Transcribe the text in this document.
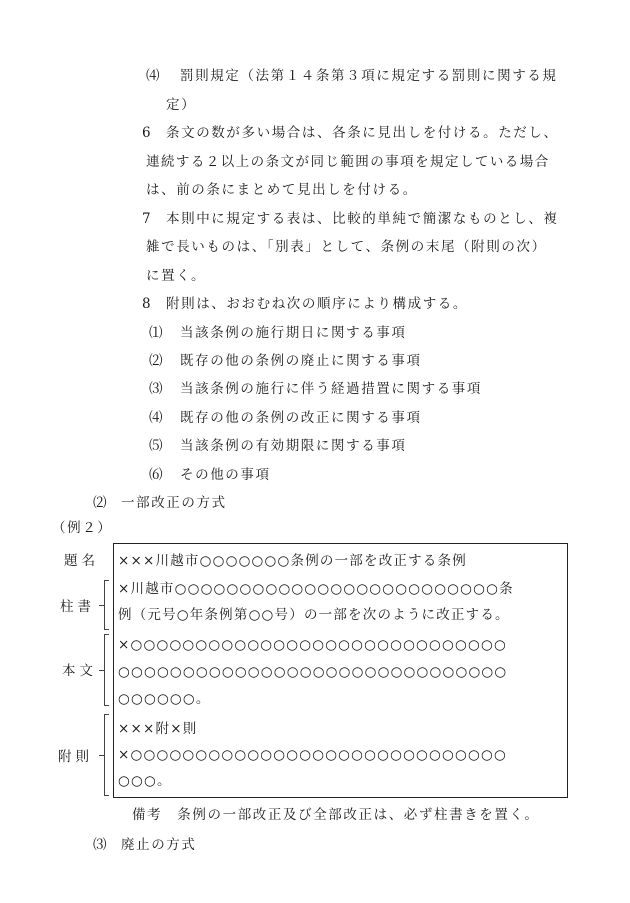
⑷ 罰則規定（法第１４条第３項に規定する罰則に関する規
定）
6 条文の数が多い場合は、各条に見出しを付ける。ただし、
連続する２以上の条文が同じ範囲の事項を規定している場合
は、前の条にまとめて見出しを付ける。
7 本則中に規定する表は、比較的単純で簡潔なものとし、複
雑で長いものは、「別表」として、条例の末尾（附則の次）
に置く。
8 附則は、おおむね次の順序により構成する。
⑴ 当該条例の施行期日に関する事項
⑵ 既存の他の条例の廃止に関する事項
⑶ 当該条例の施行に伴う経過措置に関する事項
⑷ 既存の他の条例の改正に関する事項
⑸ 当該条例の有効期限に関する事項
⑹ その他の事項
⑵ 一部改正の方式
（例２）
題名
柱書
本文
附則
×××川越市○○○○○○○条例の一部を改正する条例
×川越市○○○○○○○○○○○○○○○○○○○○○○○○○条
例（元号○年条例第○○号）の一部を次のように改正する。
×○○○○○○○○○○○○○○○○○○○○○○○○○○○○○
○○○○○○○○○○○○○○○○○○○○○○○○○○○○○○
○○○○○○。
×××附×則
×○○○○○○○○○○○○○○○○○○○○○○○○○○○○○
○○○。
備考　条例の一部改正及び全部改正は、必ず柱書きを置く。
⑶ 廃止の方式
